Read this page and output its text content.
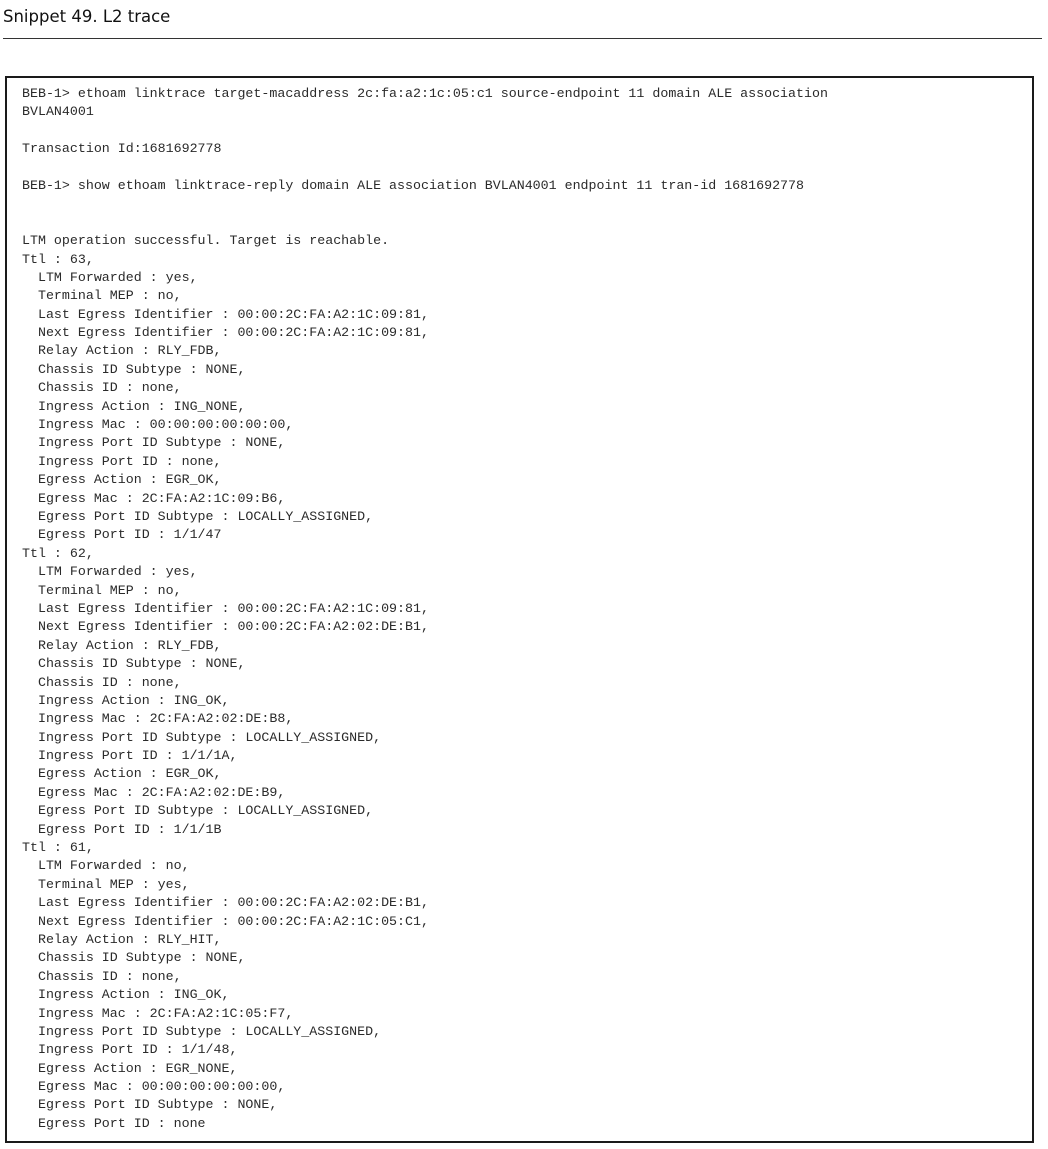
Snippet 49. L2 trace
BEB-1> ethoam linktrace target-macaddress 2c:fa:a2:1c:05:c1 source-endpoint 11 domain ALE association
BVLAN4001
Transaction Id:1681692778
BEB-1> show ethoam linktrace-reply domain ALE association BVLAN4001 endpoint 11 tran-id 1681692778
LTM operation successful. Target is reachable.
Ttl : 63,
LTM Forwarded : yes,
Terminal MEP : no,
Last Egress Identifier : 00:00:2C:FA:A2:1C:09:81,
Next Egress Identifier : 00:00:2C:FA:A2:1C:09:81,
Relay Action : RLY_FDB,
Chassis ID Subtype : NONE,
Chassis ID : none,
Ingress Action : ING_NONE,
Ingress Mac : 00:00:00:00:00:00,
Ingress Port ID Subtype : NONE,
Ingress Port ID : none,
Egress Action : EGR_OK,
Egress Mac : 2C:FA:A2:1C:09:B6,
Egress Port ID Subtype : LOCALLY_ASSIGNED,
Egress Port ID : 1/1/47
Ttl : 62,
LTM Forwarded : yes,
Terminal MEP : no,
Last Egress Identifier : 00:00:2C:FA:A2:1C:09:81,
Next Egress Identifier : 00:00:2C:FA:A2:02:DE:B1,
Relay Action : RLY_FDB,
Chassis ID Subtype : NONE,
Chassis ID : none,
Ingress Action : ING_OK,
Ingress Mac : 2C:FA:A2:02:DE:B8,
Ingress Port ID Subtype : LOCALLY_ASSIGNED,
Ingress Port ID : 1/1/1A,
Egress Action : EGR_OK,
Egress Mac : 2C:FA:A2:02:DE:B9,
Egress Port ID Subtype : LOCALLY_ASSIGNED,
Egress Port ID : 1/1/1B
Ttl : 61,
LTM Forwarded : no,
Terminal MEP : yes,
Last Egress Identifier : 00:00:2C:FA:A2:02:DE:B1,
Next Egress Identifier : 00:00:2C:FA:A2:1C:05:C1,
Relay Action : RLY_HIT,
Chassis ID Subtype : NONE,
Chassis ID : none,
Ingress Action : ING_OK,
Ingress Mac : 2C:FA:A2:1C:05:F7,
Ingress Port ID Subtype : LOCALLY_ASSIGNED,
Ingress Port ID : 1/1/48,
Egress Action : EGR_NONE,
Egress Mac : 00:00:00:00:00:00,
Egress Port ID Subtype : NONE,
Egress Port ID : none
